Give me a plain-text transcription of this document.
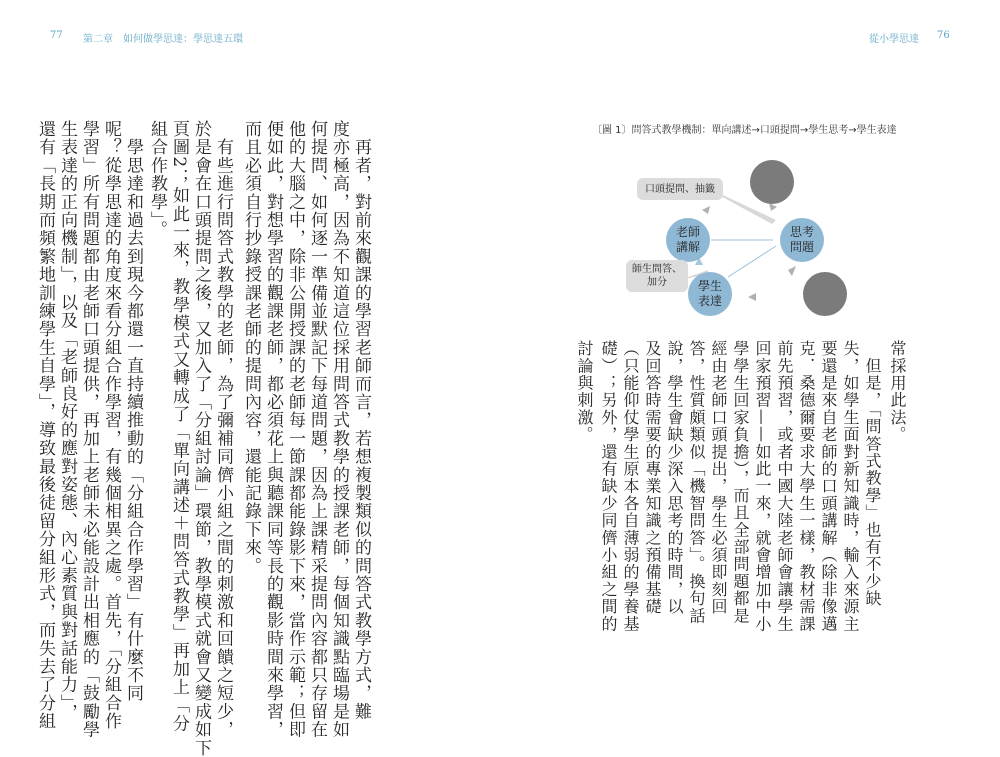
77 第二章　如何做學思達：學思達五環
　再者，對前來觀課的學習老師而言，若想複製類似的問答式教學方式，難
度亦極高，因為不知道這位採用問答式教學的授課老師，每個知識點臨場是如
何提問、如何逐一準備並默記下每道問題，因為上課精采提問內容都只存留在
他的大腦之中，除非公開授課的老師每一節課都能錄影下來，當作示範；但即
便如此，對想學習的觀課老師，都必須花上與聽課同等長的觀影時間來學習，
而且必須自行抄錄授課老師的提問內容，還能記錄下來。
　有些進行問答式教學的老師，為了彌補同儕小組之間的刺激和回饋之短少，
於是會在口頭提問之後，又加入了「分組討論」環節，教學模式就會又變成如下
頁圖2；如此一來，教學模式又轉成了「單向講述＋問答式教學」再加上「分
組合作教學」。
　學思達和過去到現今都還一直持續推動的「分組合作學習」有什麼不同
呢？從學思達的角度來看分組合作學習，有幾個相異之處。首先，「分組合作
學習」所有問題都由老師口頭提供，再加上老師未必能設計出相應的「鼓勵學
生表達的正向機制」，以及「老師良好的應對姿態、內心素質與對話能力」，
還有「長期而頻繁地訓練學生自學」，導致最後徒留分組形式，而失去了分組
從小學思達 76
〔圖 1〕問答式教學機制：單向講述→口頭提問→學生思考→學生表達
老師講解
思考問題
學生表達
口頭提問、抽籤
師生問答、加分
常採用此法。
　但是，「問答式教學」也有不少缺
失，如學生面對新知識時，輸入來源主
要還是來自老師的口頭講解（除非像邁
克．桑德爾要求大學生一樣，教材需課
前先預習，或者中國大陸老師會讓學生
回家預習——如此一來，就會增加中小
學學生回家負擔），而且全部問題都是
經由老師口頭提出，學生必須即刻回
答，性質頗類似「機智問答」。換句話
說，學生會缺少深入思考的時間，以
及回答時需要的專業知識之預備基礎
（只能仰仗學生原本各自薄弱的學養基
礎）；另外，還有缺少同儕小組之間的
討論與刺激。
